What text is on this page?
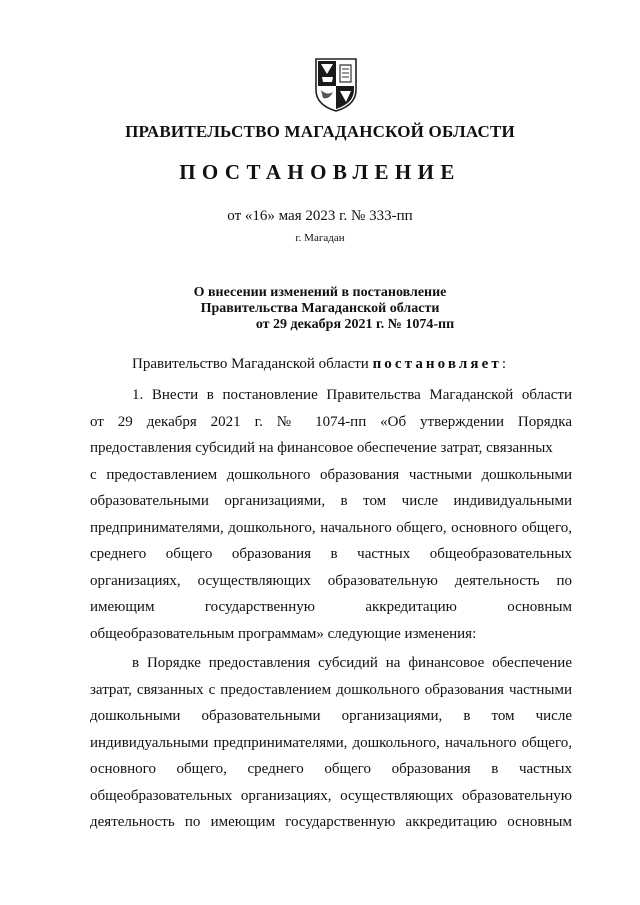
ПРАВИТЕЛЬСТВО МАГАДАНСКОЙ ОБЛАСТИ
ПОСТАНОВЛЕНИЕ
от «16» мая 2023 г. № 333-пп
г. Магадан
О внесении изменений в постановление
Правительства Магаданской области
от 29 декабря 2021 г. № 1074-пп
Правительство Магаданской области постановляет:
1. Внести в постановление Правительства Магаданской области
от 29 декабря 2021 г. № 1074-пп «Об утверждении Порядка
предоставления субсидий на финансовое обеспечение затрат, связанных
с предоставлением дошкольного образования частными дошкольными
образовательными организациями, в том числе индивидуальными
предпринимателями, дошкольного, начального общего, основного общего,
среднего общего образования в частных общеобразовательных
организациях, осуществляющих образовательную деятельность по
имеющим государственную аккредитацию основным
общеобразовательным программам» следующие изменения:
в Порядке предоставления субсидий на финансовое обеспечение
затрат, связанных с предоставлением дошкольного образования частными
дошкольными образовательными организациями, в том числе
индивидуальными предпринимателями, дошкольного, начального общего,
основного общего, среднего общего образования в частных
общеобразовательных организациях, осуществляющих образовательную
деятельность по имеющим государственную аккредитацию основным
